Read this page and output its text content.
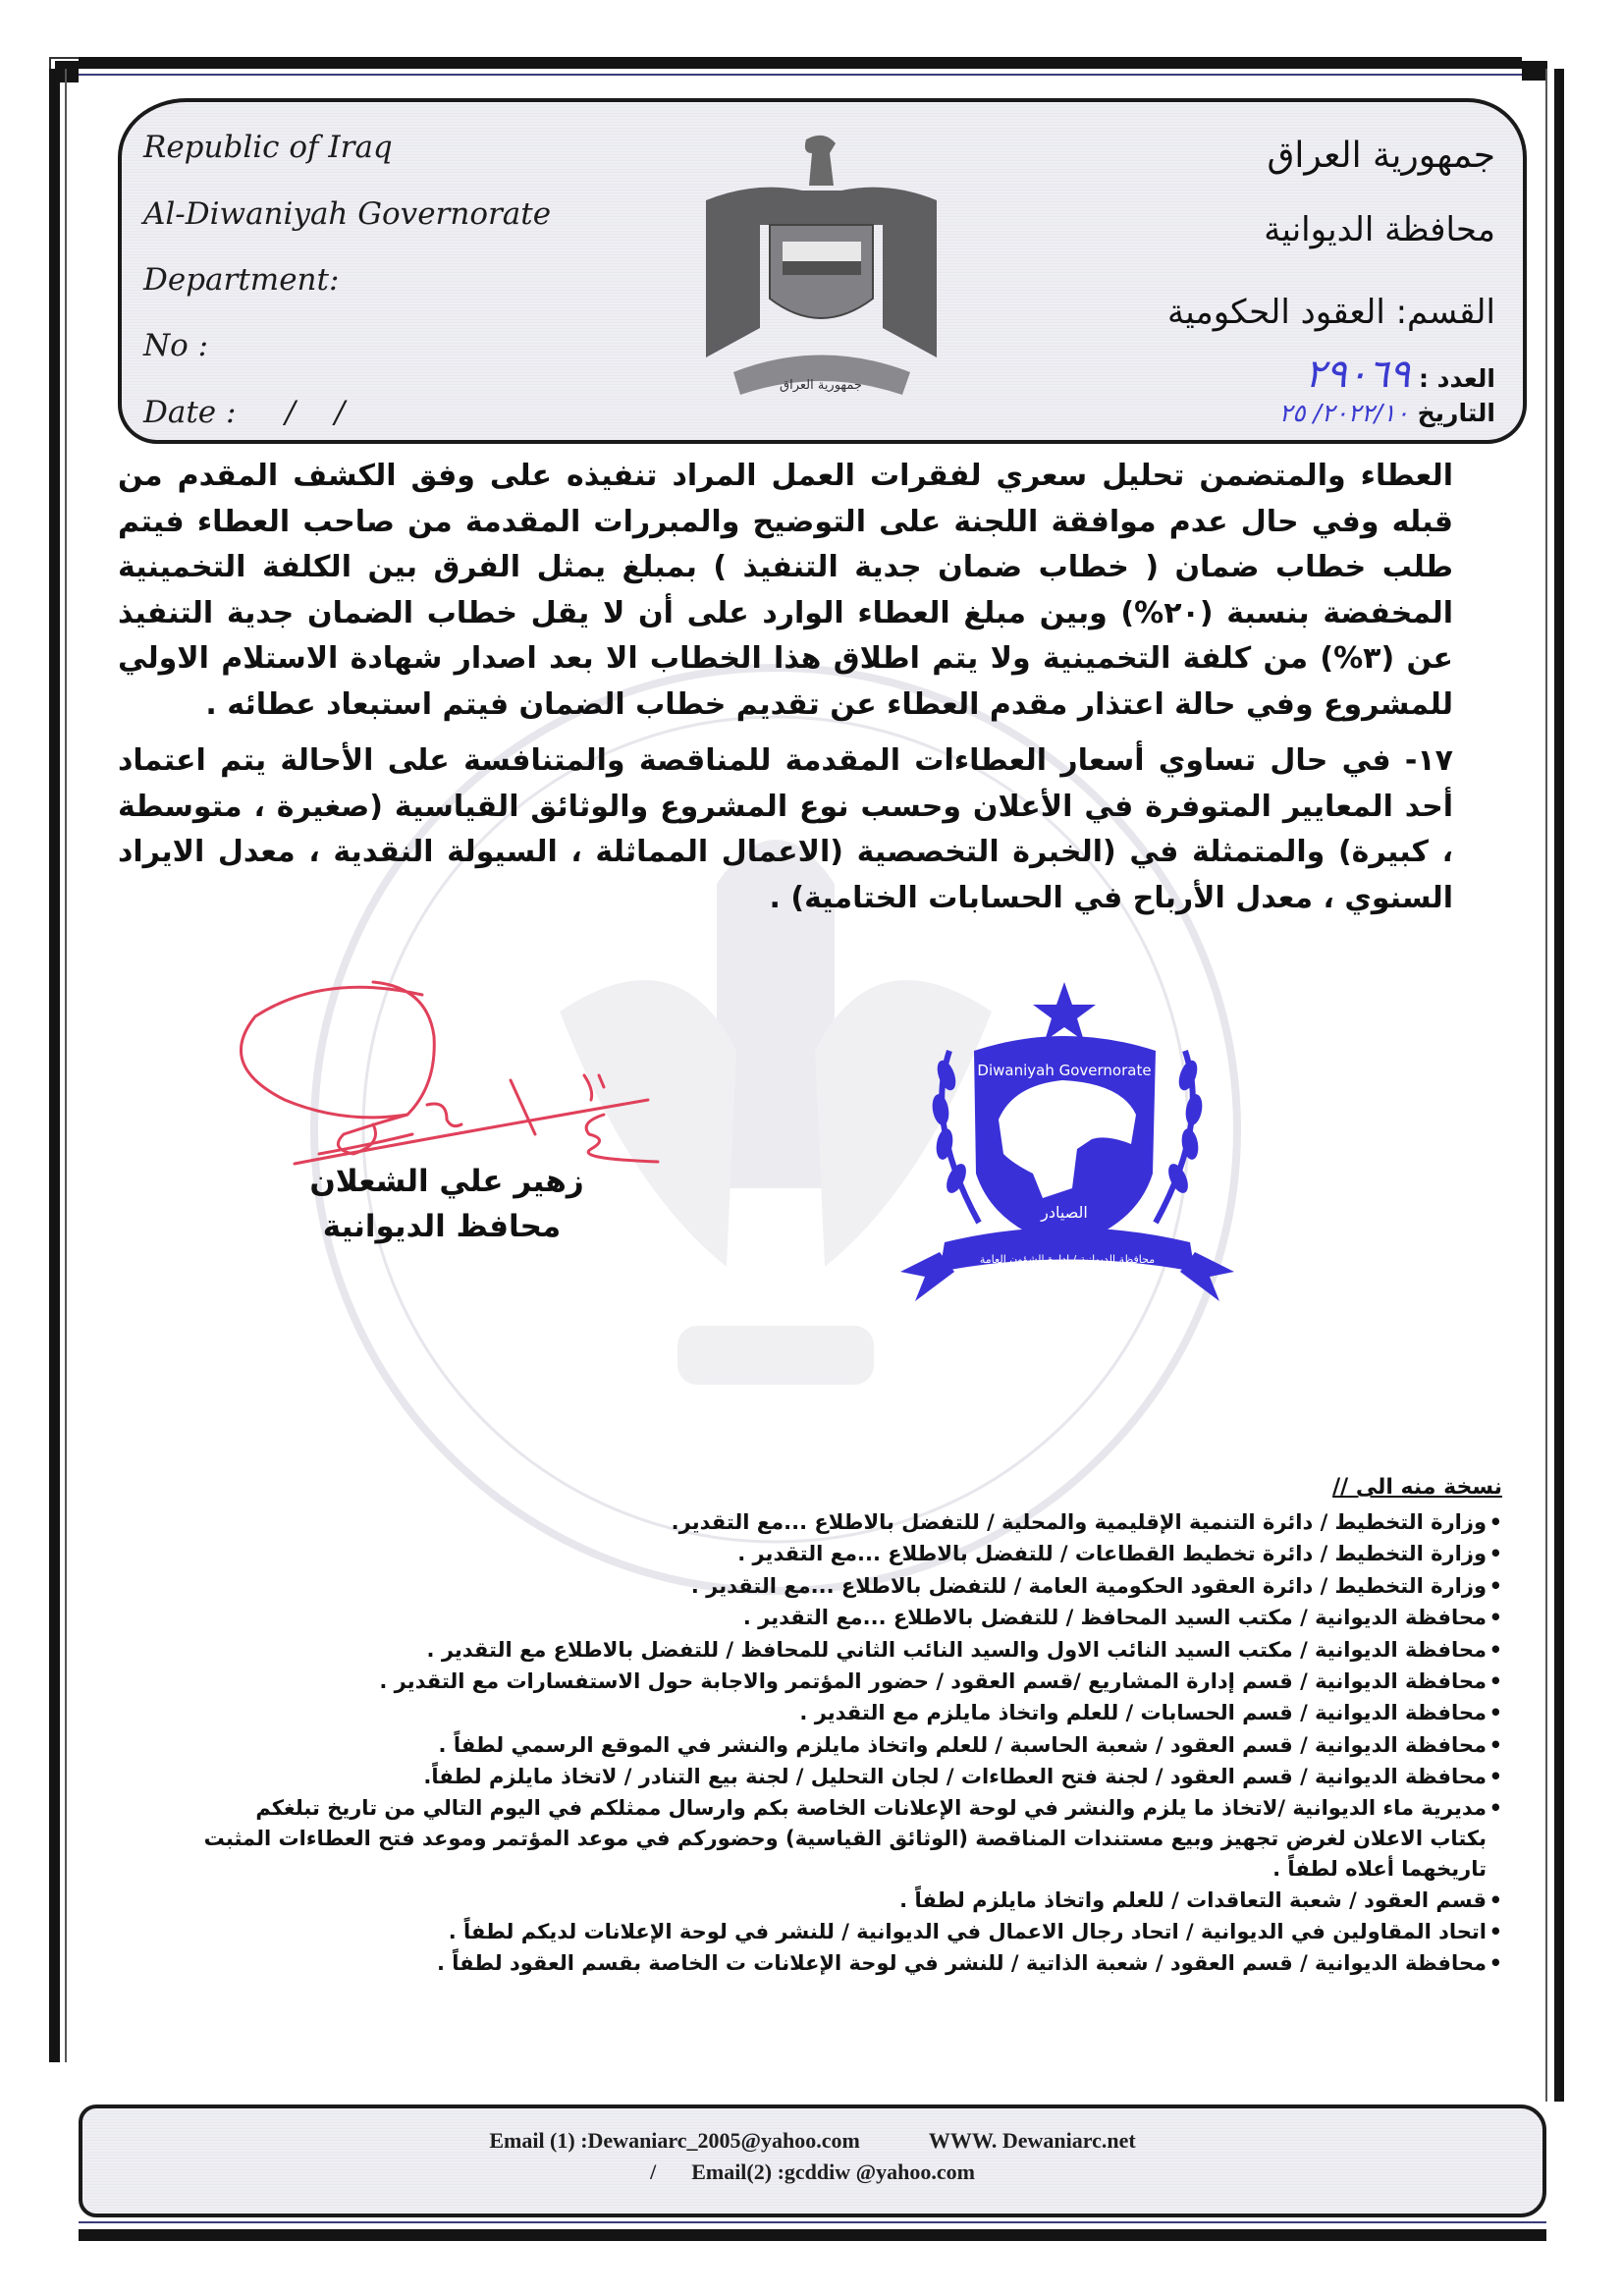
Republic of Iraq
Al-Diwaniyah Governorate
Department:
No :
Date : / /
جمهورية العراق
جمهورية العراق
محافظة الديوانية
القسم: العقود الحكومية
العدد : ٢٩٠٦٩
التاريخ ٢٠٢٢/١٠/ ٢٥
العطاء والمتضمن تحليل سعري لفقرات العمل المراد تنفيذه على وفق الكشف المقدم من قبله وفي حال عدم موافقة اللجنة على التوضيح والمبررات المقدمة من صاحب العطاء فيتم طلب خطاب ضمان ( خطاب ضمان جدية التنفيذ ) بمبلغ يمثل الفرق بين الكلفة التخمينية المخفضة بنسبة (٢٠%) وبين مبلغ العطاء الوارد على أن لا يقل خطاب الضمان جدية التنفيذ عن (٣%) من كلفة التخمينية ولا يتم اطلاق هذا الخطاب الا بعد اصدار شهادة الاستلام الاولي للمشروع وفي حالة اعتذار مقدم العطاء عن تقديم خطاب الضمان فيتم استبعاد عطائه .
١٧- في حال تساوي أسعار العطاءات المقدمة للمناقصة والمتنافسة على الأحالة يتم اعتماد أحد المعايير المتوفرة في الأعلان وحسب نوع المشروع والوثائق القياسية (صغيرة ، متوسطة ، كبيرة) والمتمثلة في (الخبرة التخصصية (الاعمال المماثلة ، السيولة النقدية ، معدل الايراد السنوي ، معدل الأرباح في الحسابات الختامية) .
زهير علي الشعلان
محافظ الديوانية
Diwaniyah Governorate
الصيادر
محافظة الديوانية / ادارة الشؤون العامة
نسخة منه الى //
• وزارة التخطيط / دائرة التنمية الإقليمية والمحلية / للتفضل بالاطلاع ...مع التقدير.
• وزارة التخطيط / دائرة تخطيط القطاعات / للتفضل بالاطلاع ...مع التقدير .
• وزارة التخطيط / دائرة العقود الحكومية العامة / للتفضل بالاطلاع ...مع التقدير .
• محافظة الديوانية / مكتب السيد المحافظ / للتفضل بالاطلاع ...مع التقدير .
• محافظة الديوانية / مكتب السيد النائب الاول والسيد النائب الثاني للمحافظ / للتفضل بالاطلاع مع التقدير .
• محافظة الديوانية / قسم إدارة المشاريع /قسم العقود / حضور المؤتمر والاجابة حول الاستفسارات مع التقدير .
• محافظة الديوانية / قسم الحسابات / للعلم واتخاذ مايلزم مع التقدير .
• محافظة الديوانية / قسم العقود / شعبة الحاسبة / للعلم واتخاذ مايلزم والنشر في الموقع الرسمي لطفاً .
• محافظة الديوانية / قسم العقود / لجنة فتح العطاءات / لجان التحليل / لجنة بيع التنادر / لاتخاذ مايلزم لطفاً.
• مديرية ماء الديوانية /لاتخاذ ما يلزم والنشر في لوحة الإعلانات الخاصة بكم وارسال ممثلكم في اليوم التالي من تاريخ تبلغكم بكتاب الاعلان لغرض تجهيز وبيع مستندات المناقصة (الوثائق القياسية) وحضوركم في موعد المؤتمر وموعد فتح العطاءات المثبت تاريخهما أعلاه لطفاً .
• قسم العقود / شعبة التعاقدات / للعلم واتخاذ مايلزم لطفاً .
• اتحاد المقاولين في الديوانية / اتحاد رجال الاعمال في الديوانية / للنشر في لوحة الإعلانات لديكم لطفاً .
• محافظة الديوانية / قسم العقود / شعبة الذاتية / للنشر في لوحة الإعلانات ت الخاصة بقسم العقود لطفاً .
Email (1) :Dewaniarc_2005@yahoo.com	WWW. Dewaniarc.net
/ Email(2) :gcddiw @yahoo.com
